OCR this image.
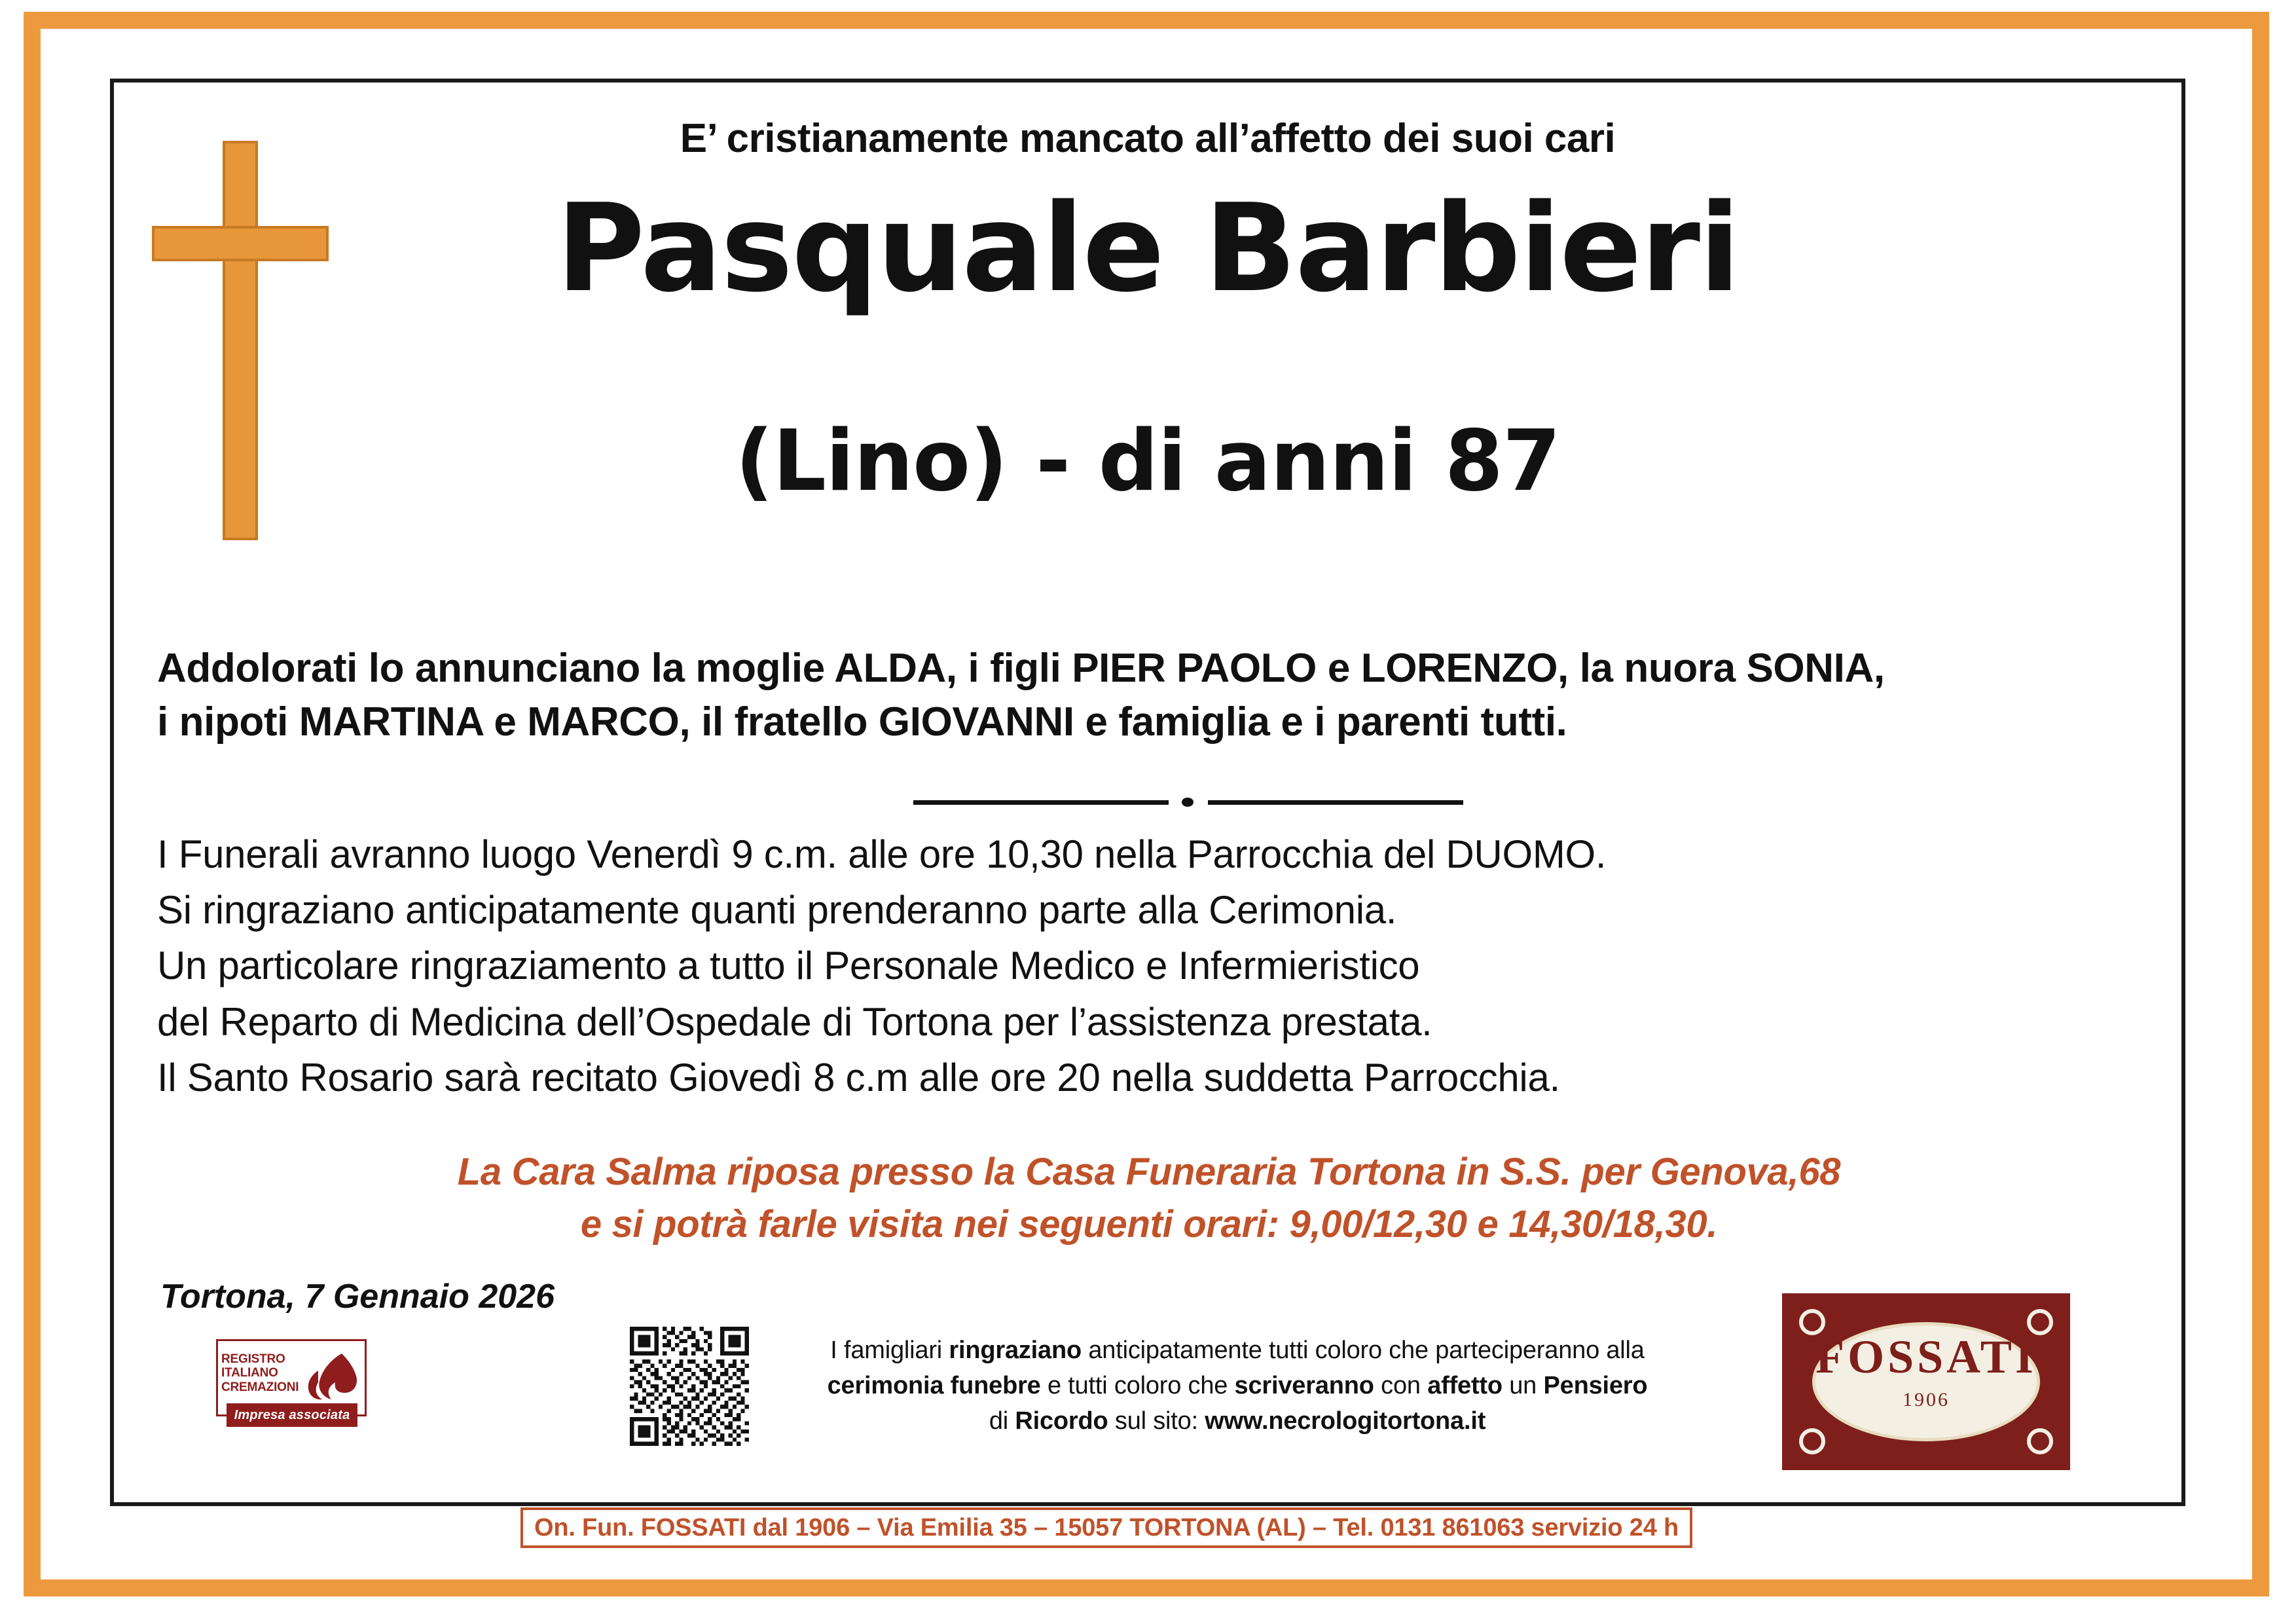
E’ cristianamente mancato all’affetto dei suoi cari
Pasquale Barbieri
(Lino) - di anni 87
Addolorati lo annunciano la moglie ALDA, i figli PIER PAOLO e LORENZO, la nuora SONIA,
i nipoti MARTINA e MARCO, il fratello GIOVANNI e famiglia e i parenti tutti.
I Funerali avranno luogo Venerdì 9 c.m. alle ore 10,30 nella Parrocchia del DUOMO.
Si ringraziano anticipatamente quanti prenderanno parte alla Cerimonia.
Un particolare ringraziamento a tutto il Personale Medico e Infermieristico
del Reparto di Medicina dell’Ospedale di Tortona per l’assistenza prestata.
Il Santo Rosario sarà recitato Giovedì 8 c.m alle ore 20 nella suddetta Parrocchia.
La Cara Salma riposa presso la Casa Funeraria Tortona in S.S. per Genova,68
e si potrà farle visita nei seguenti orari: 9,00/12,30 e 14,30/18,30.
Tortona, 7 Gennaio 2026
REGISTRO
ITALIANO
CREMAZIONI
Impresa associata
I famigliari ringraziano anticipatamente tutti coloro che parteciperanno alla
cerimonia funebre e tutti coloro che scriveranno con affetto un Pensiero
di Ricordo sul sito: www.necrologitortona.it
FOSSATI
1906
On. Fun. FOSSATI dal 1906 – Via Emilia 35 – 15057 TORTONA (AL) – Tel. 0131 861063 servizio 24 h
